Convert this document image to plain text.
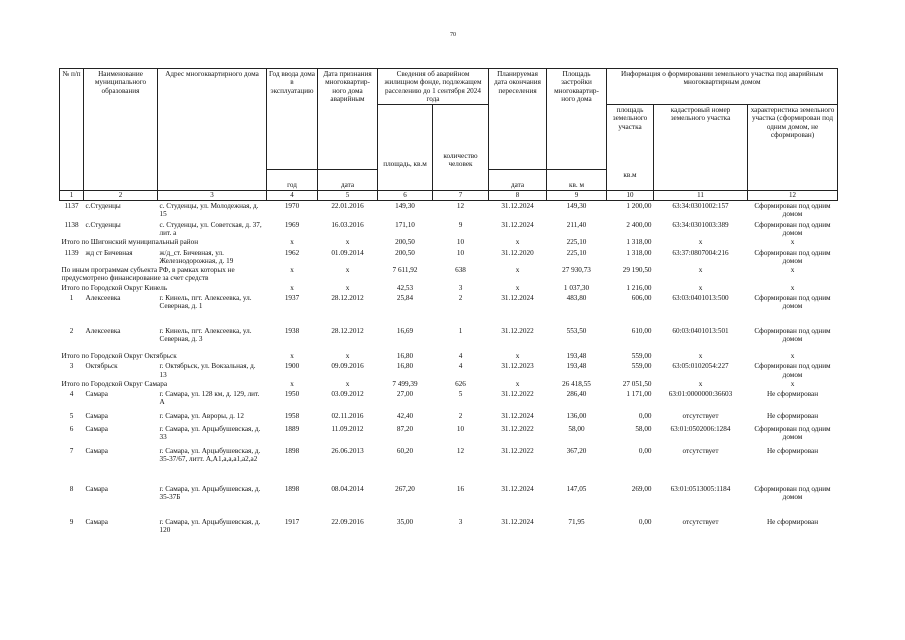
70
№ п/п	Наименование муниципального образования	Адрес многоквартирного дома	Год ввода дома в эксплуатацию	Дата признания многоквартир-ного дома аварийным	Сведения об аварийном жилищном фонде, подлежащем расселению до 1 сентября 2024 года		Планируемая дата окончания переселения	Площадь застройки многоквартир-ного дома	Информация о формировании земельного участка под аварийным многоквартирным домом		
					площадь, кв.м	количество человек			площадь земельного участка	кадастровый номер земельного участка	характеристика земельного участка (сформирован под одним домом, не сформирован)
			год	дата			дата	кв. м	кв.м		
1	2	3	4	5	6	7	8	9	10	11	12
1137	с.Студенцы	с. Студенцы, ул. Молодежная, д. 15	1970	22.01.2016	149,30	12	31.12.2024	149,30	1 200,00	63:34:0301002:157	Сформирован под одним домом
1138	с.Студенцы	с. Студенцы, ул. Советская, д. 37, лит. а	1969	16.03.2016	171,10	9	31.12.2024	211,40	2 400,00	63:34:0301003:389	Сформирован под одним домом
Итого по Шигонский муниципальный район			x	x	200,50	10	x	225,10	1 318,00	x	x
1139	жд ст Бичевная	ж/д_ст. Бичевная, ул. Железнодорожная, д. 19	1962	01.09.2014	200,50	10	31.12.2020	225,10	1 318,00	63:37:0807004:216	Сформирован под одним домом
По иным программам субъекта РФ, в рамках которых не предусмотрено финансирование за счет средств			x	x	7 611,92	638	x	27 930,73	29 190,50	x	x
Итого по Городской Округ Кинель			x	x	42,53	3	x	1 037,30	1 216,00	x	x
1	Алексеевка	г. Кинель, пгт. Алексеевка, ул. Северная, д. 1	1937	28.12.2012	25,84	2	31.12.2024	483,80	606,00	63:03:0401013:500	Сформирован под одним домом

2	Алексеевка	г. Кинель, пгт. Алексеевка, ул. Северная, д. 3	1938	28.12.2012	16,69	1	31.12.2022	553,50	610,00	60:03:0401013:501	Сформирован под одним домом

Итого по Городской Округ Октябрьск			x	x	16,80	4	x	193,48	559,00	x	x
3	Октябрьск	г. Октябрьск, ул. Вокзальная, д. 13	1900	09.09.2016	16,80	4	31.12.2023	193,48	559,00	63:05:0102054:227	Сформирован под одним домом
Итого по Городской Округ Самара			x	x	7 499,39	626	x	26 418,55	27 051,50	x	x
4	Самара	г. Самара, ул. 128 км, д. 129, лит. А	1950	03.09.2012	27,00	5	31.12.2022	286,40	1 171,00	63:01:0000000:36603	Не сформирован

5	Самара	г. Самара, ул. Авроры, д. 12	1958	02.11.2016	42,40	2	31.12.2024	136,00	0,00	отсутствует	Не сформирован

6	Самара	г. Самара, ул. Арцыбушевская, д. 33	1889	11.09.2012	87,20	10	31.12.2022	58,00	58,00	63:01:0502006:1284	Сформирован под одним домом

7	Самара	г. Самара, ул. Арцыбушевская, д. 35-37/67, литт. А,А1,а,а,а1,а2,а2	1898	26.06.2013	60,20	12	31.12.2022	367,20	0,00	отсутствует	Не сформирован

8	Самара	г. Самара, ул. Арцыбушевская, д. 35-37Б	1898	08.04.2014	267,20	16	31.12.2024	147,05	269,00	63:01:0513005:1184	Сформирован под одним домом

9	Самара	г. Самара, ул. Арцыбушевская, д. 120	1917	22.09.2016	35,00	3	31.12.2024	71,95	0,00	отсутствует	Не сформирован
